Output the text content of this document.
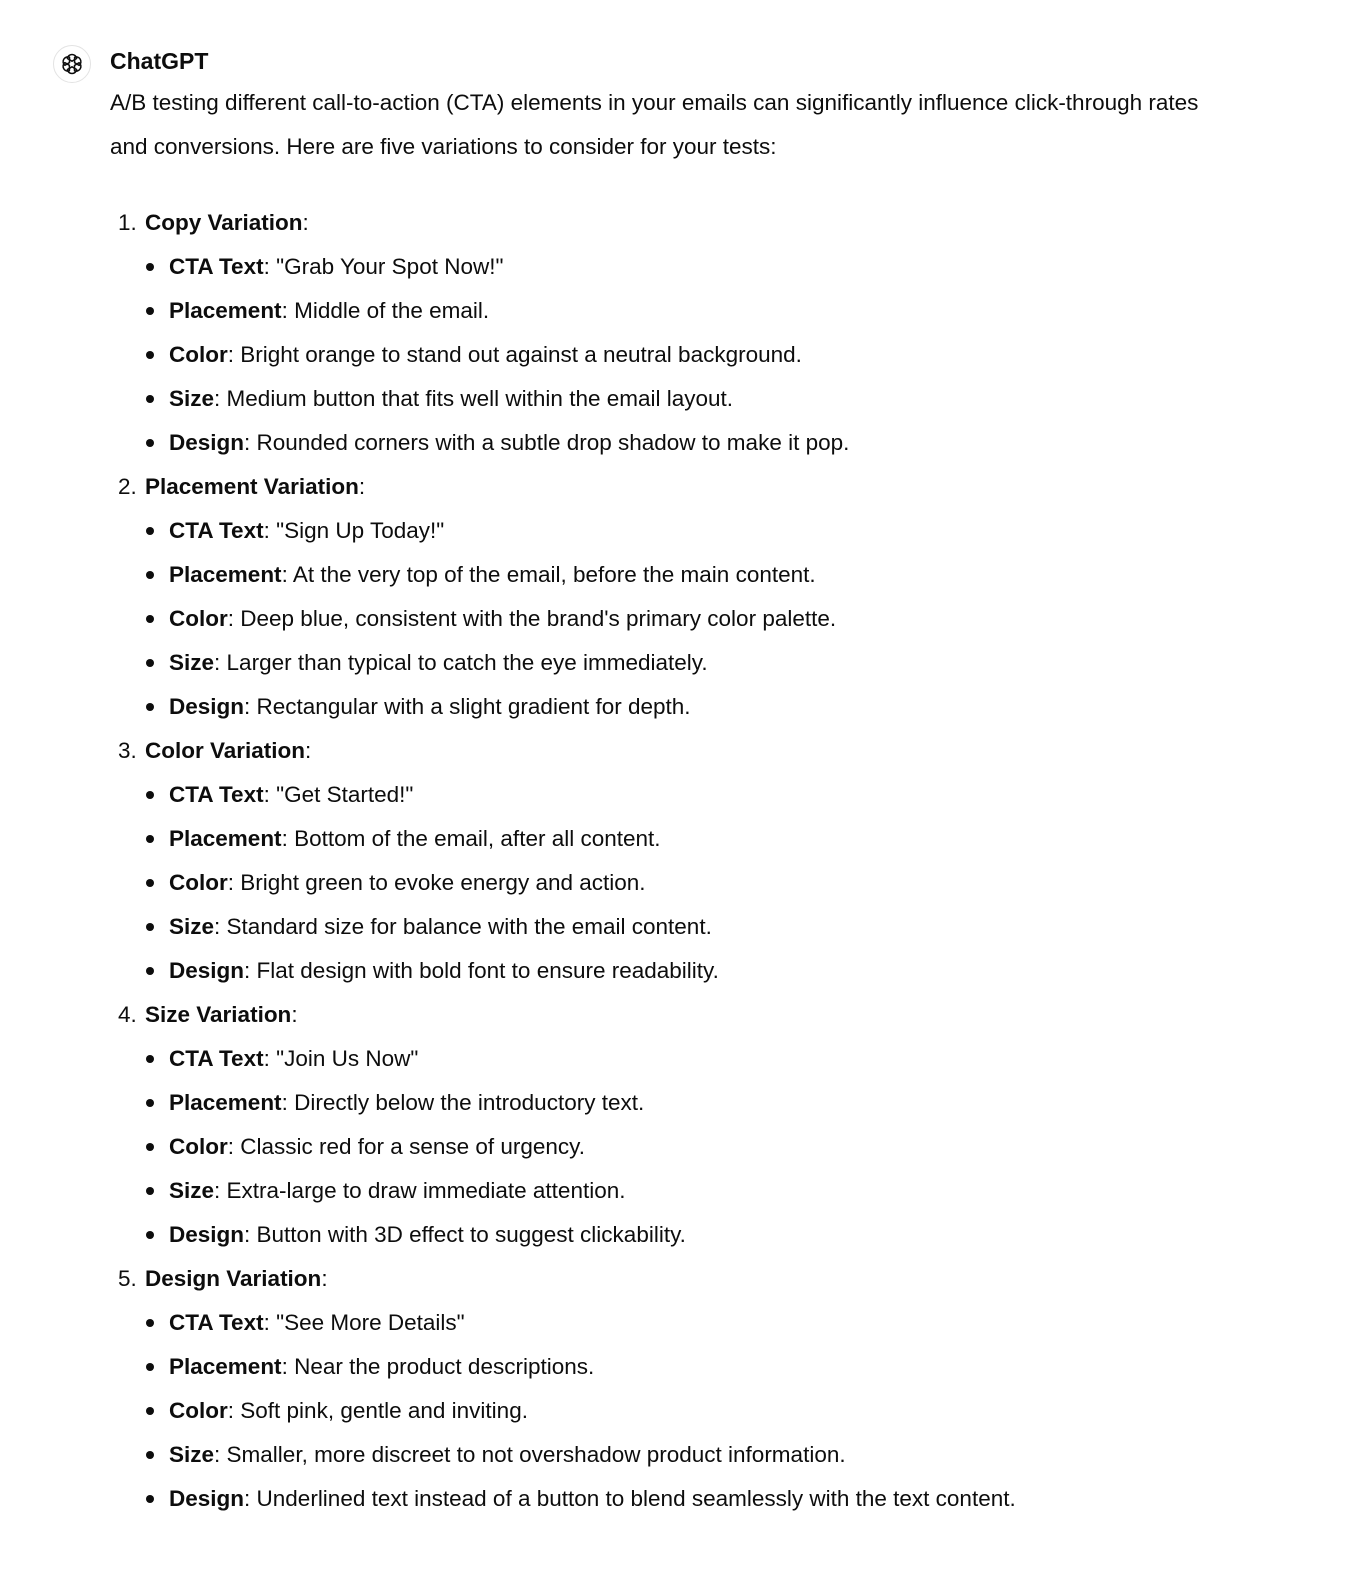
ChatGPT

A/B testing different call-to-action (CTA) elements in your emails can significantly influence click-through rates and conversions. Here are five variations to consider for your tests:

1. Copy Variation:
CTA Text: "Grab Your Spot Now!"
Placement: Middle of the email.
Color: Bright orange to stand out against a neutral background.
Size: Medium button that fits well within the email layout.
Design: Rounded corners with a subtle drop shadow to make it pop.
2. Placement Variation:
CTA Text: "Sign Up Today!"
Placement: At the very top of the email, before the main content.
Color: Deep blue, consistent with the brand's primary color palette.
Size: Larger than typical to catch the eye immediately.
Design: Rectangular with a slight gradient for depth.
3. Color Variation:
CTA Text: "Get Started!"
Placement: Bottom of the email, after all content.
Color: Bright green to evoke energy and action.
Size: Standard size for balance with the email content.
Design: Flat design with bold font to ensure readability.
4. Size Variation:
CTA Text: "Join Us Now"
Placement: Directly below the introductory text.
Color: Classic red for a sense of urgency.
Size: Extra-large to draw immediate attention.
Design: Button with 3D effect to suggest clickability.
5. Design Variation:
CTA Text: "See More Details"
Placement: Near the product descriptions.
Color: Soft pink, gentle and inviting.
Size: Smaller, more discreet to not overshadow product information.
Design: Underlined text instead of a button to blend seamlessly with the text content.
